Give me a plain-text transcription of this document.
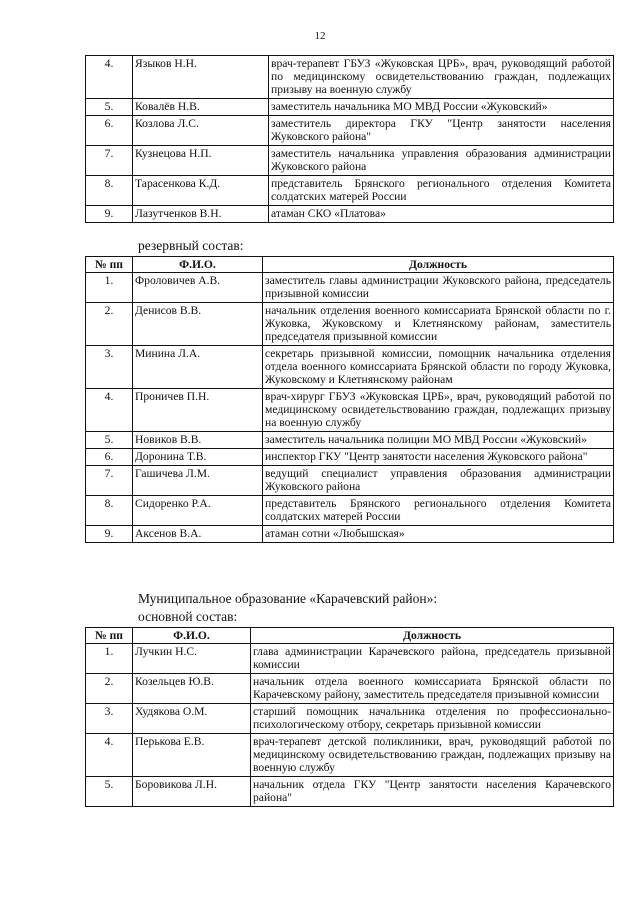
12
4.	Языков Н.Н.	врач-терапевт ГБУЗ «Жуковская ЦРБ», врач, руководящий работой по медицинскому освидетельствованию граждан, подлежащих призыву на военную службу
5.	Ковалёв Н.В.	заместитель начальника МО МВД России «Жуковский»
6.	Козлова Л.С.	заместитель директора ГКУ "Центр занятости населения Жуковского района"
7.	Кузнецова Н.П.	заместитель начальника управления образования администрации Жуковского района
8.	Тарасенкова К.Д.	представитель Брянского регионального отделения Комитета солдатских матерей России
9.	Лазутченков В.Н.	атаман СКО «Платова»
резервный состав:
№ пп	Ф.И.О.	Должность
1.	Фроловичев А.В.	заместитель главы администрации Жуковского района, председатель призывной комиссии
2.	Денисов В.В.	начальник отделения военного комиссариата Брянской области по г. Жуковка, Жуковскому и Клетнянскому районам, заместитель председателя призывной комиссии
3.	Минина Л.А.	секретарь призывной комиссии, помощник начальника отделения отдела военного комиссариата Брянской области по городу Жуковка, Жуковскому и Клетнянскому районам
4.	Проничев П.Н.	врач-хирург ГБУЗ «Жуковская ЦРБ», врач, руководящий работой по медицинскому освидетельствованию граждан, подлежащих призыву на военную службу
5.	Новиков В.В.	заместитель начальника полиции МО МВД России «Жуковский»
6.	Доронина Т.В.	инспектор ГКУ "Центр занятости населения Жуковского района"
7.	Гашичева Л.М.	ведущий специалист управления образования администрации Жуковского района
8.	Сидоренко Р.А.	представитель Брянского регионального отделения Комитета солдатских матерей России
9.	Аксенов В.А.	атаман сотни «Любышская»
Муниципальное образование «Карачевский район»:
основной состав:
№ пп	Ф.И.О.	Должность
1.	Лучкин Н.С.	глава администрации Карачевского района, председатель призывной комиссии
2.	Козельцев Ю.В.	начальник отдела военного комиссариата Брянской области по Карачевскому району, заместитель председателя призывной комиссии
3.	Худякова О.М.	старший помощник начальника отделения по профессионально-психологическому отбору, секретарь призывной комиссии
4.	Перькова Е.В.	врач-терапевт детской поликлиники, врач, руководящий работой по медицинскому освидетельствованию граждан, подлежащих призыву на военную службу
5.	Боровикова Л.Н.	начальник отдела ГКУ "Центр занятости населения Карачевского района"
